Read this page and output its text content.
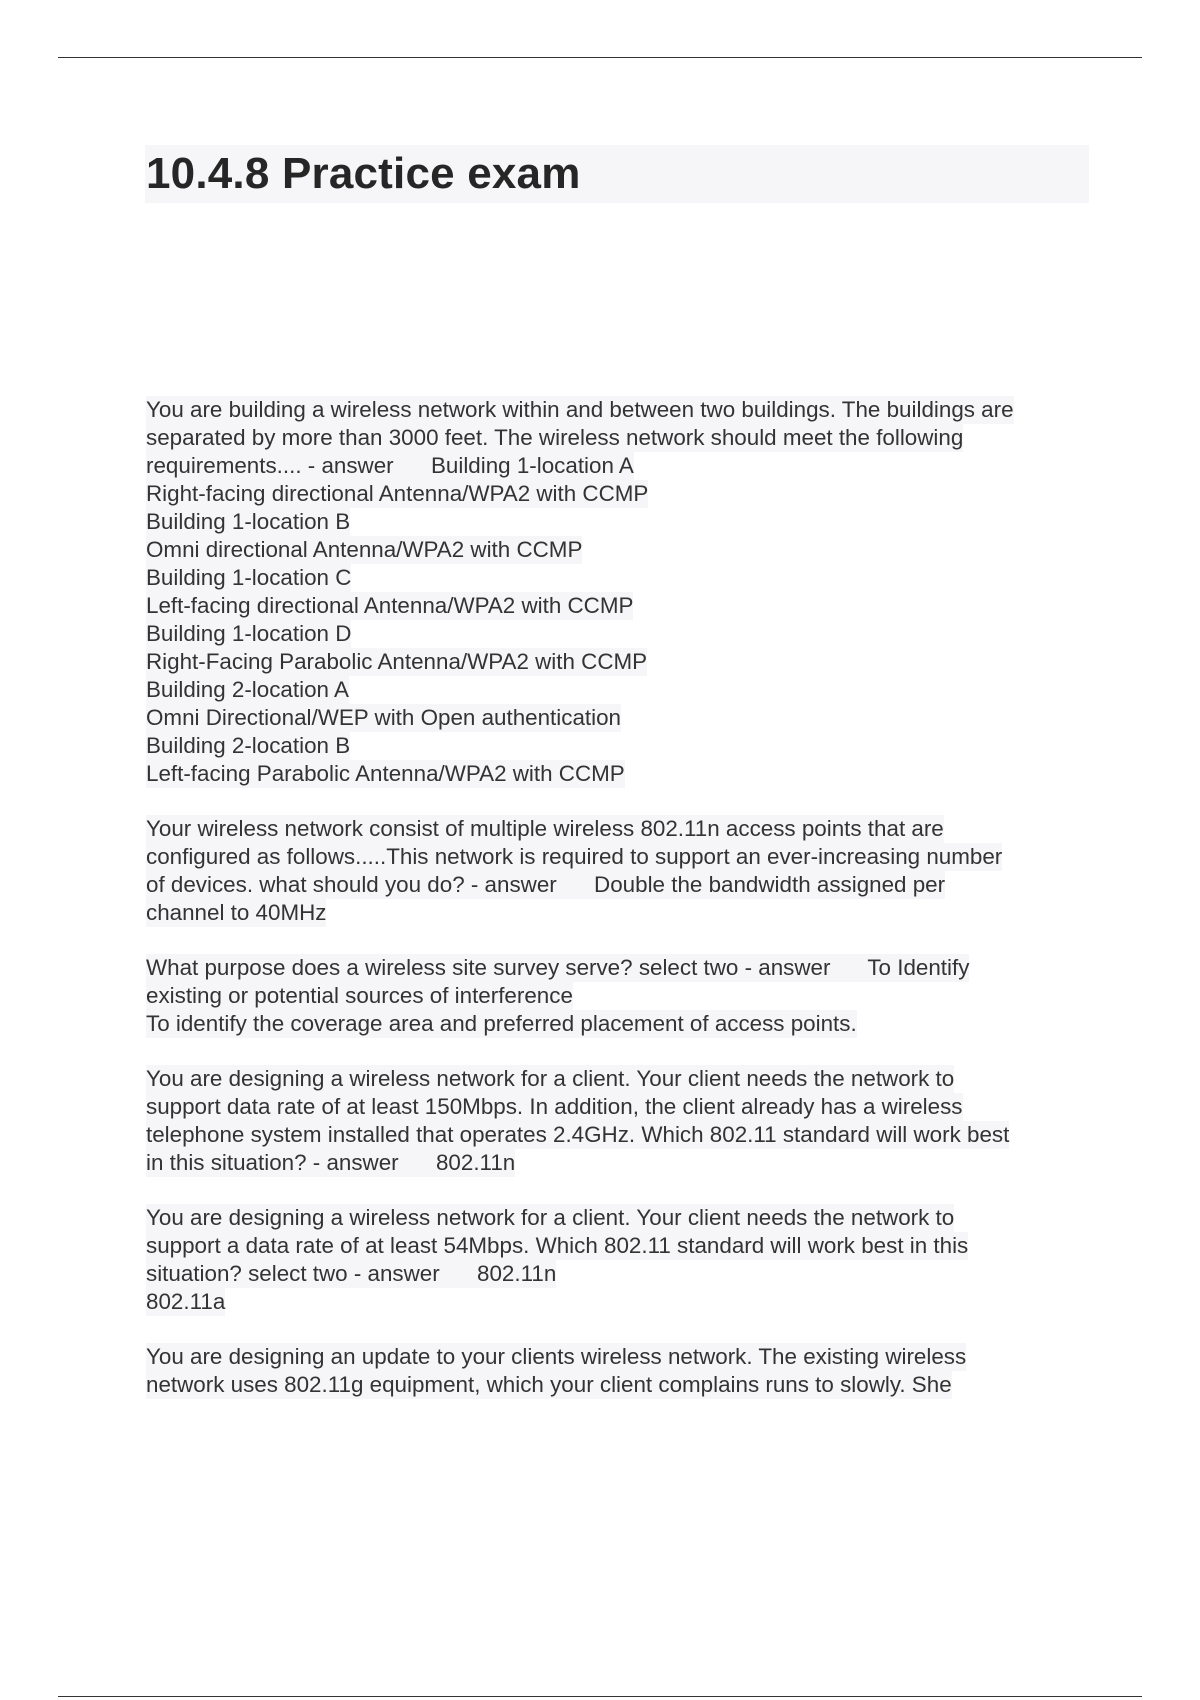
10.4.8 Practice exam
You are building a wireless network within and between two buildings. The buildings are
separated by more than 3000 feet. The wireless network should meet the following
requirements.... - answer      Building 1-location A
Right-facing directional Antenna/WPA2 with CCMP
Building 1-location B
Omni directional Antenna/WPA2 with CCMP
Building 1-location C
Left-facing directional Antenna/WPA2 with CCMP
Building 1-location D
Right-Facing Parabolic Antenna/WPA2 with CCMP
Building 2-location A
Omni Directional/WEP with Open authentication
Building 2-location B
Left-facing Parabolic Antenna/WPA2 with CCMP
Your wireless network consist of multiple wireless 802.11n access points that are
configured as follows.....This network is required to support an ever-increasing number
of devices. what should you do? - answer      Double the bandwidth assigned per
channel to 40MHz
What purpose does a wireless site survey serve? select two - answer      To Identify
existing or potential sources of interference
To identify the coverage area and preferred placement of access points.
You are designing a wireless network for a client. Your client needs the network to
support data rate of at least 150Mbps. In addition, the client already has a wireless
telephone system installed that operates 2.4GHz. Which 802.11 standard will work best
in this situation? - answer      802.11n
You are designing a wireless network for a client. Your client needs the network to
support a data rate of at least 54Mbps. Which 802.11 standard will work best in this
situation? select two - answer      802.11n
802.11a
You are designing an update to your clients wireless network. The existing wireless
network uses 802.11g equipment, which your client complains runs to slowly. She
